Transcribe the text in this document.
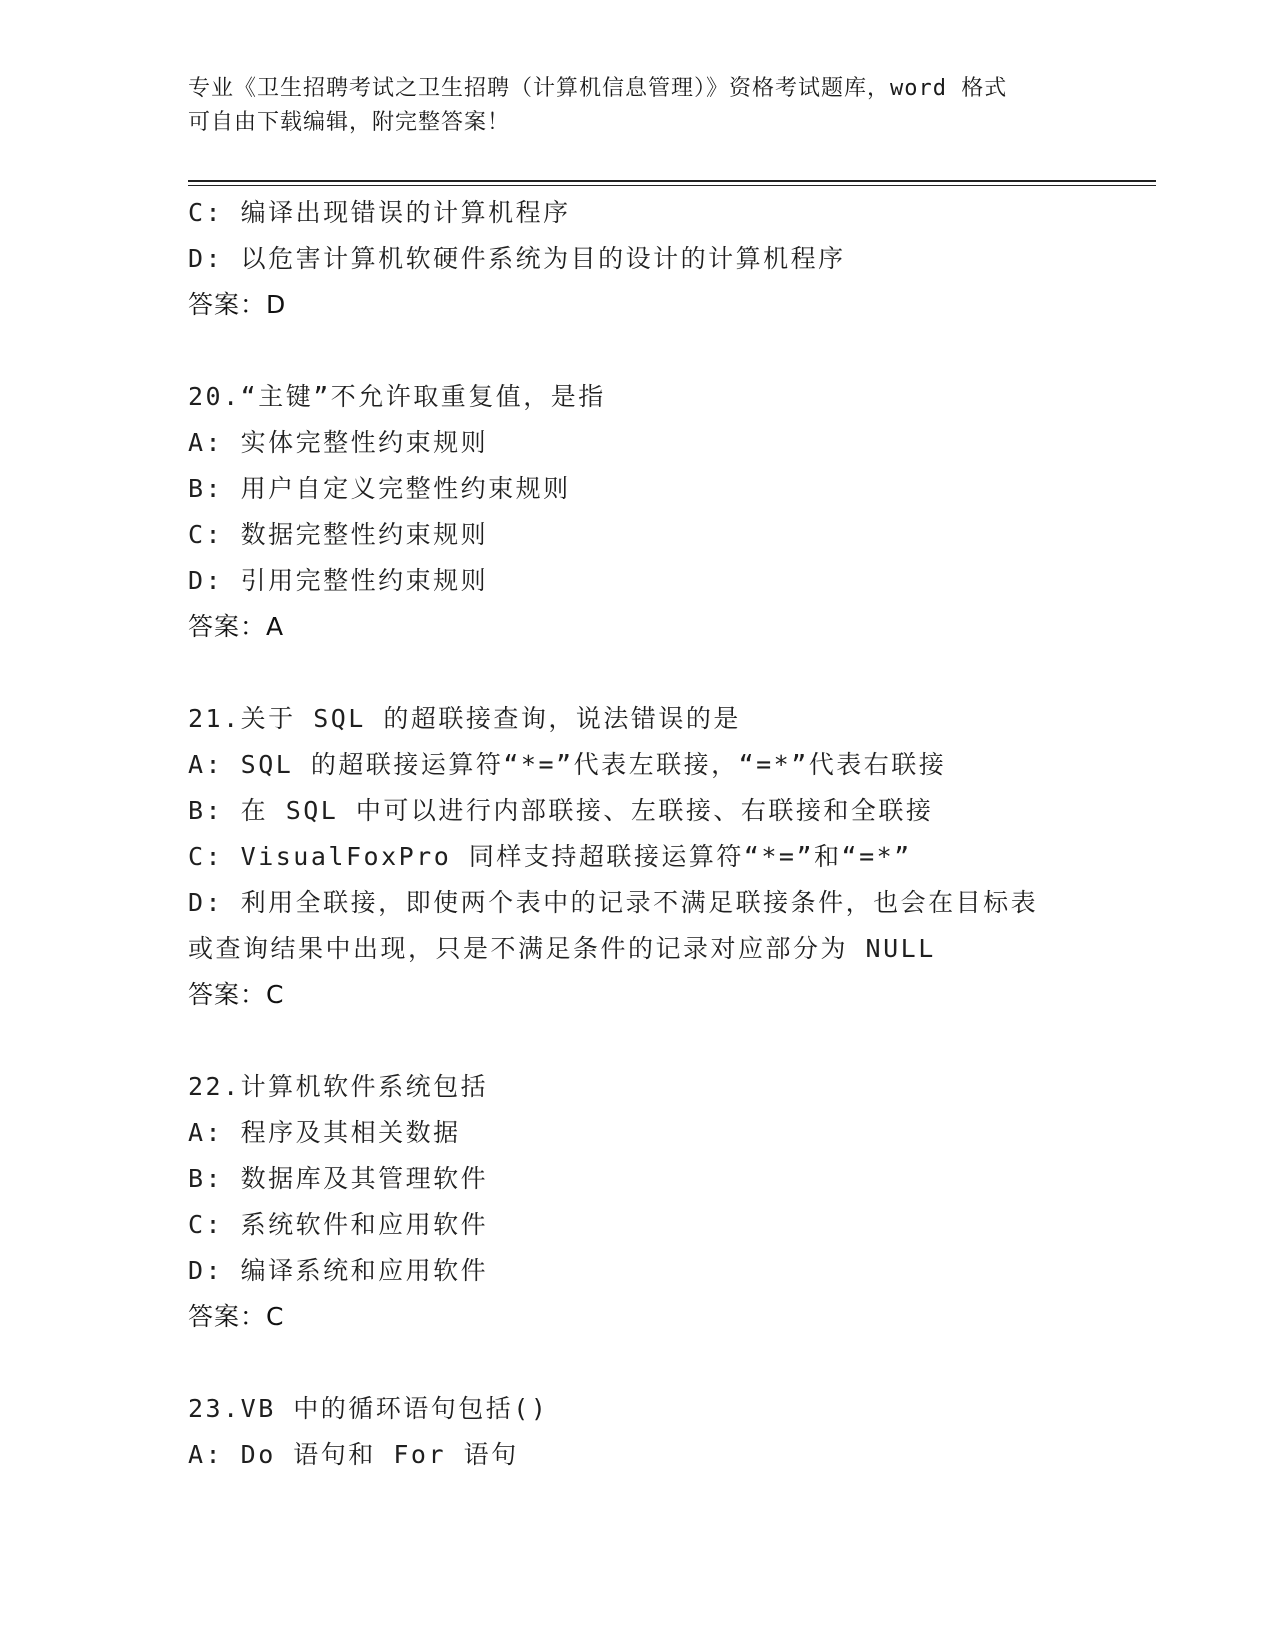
专业《卫生招聘考试之卫生招聘（计算机信息管理）》资格考试题库，word 格式
可自由下载编辑，附完整答案！
C: 编译出现错误的计算机程序
D: 以危害计算机软硬件系统为目的设计的计算机程序
答案：D
20.“主键”不允许取重复值，是指
A: 实体完整性约束规则
B: 用户自定义完整性约束规则
C: 数据完整性约束规则
D: 引用完整性约束规则
答案：A
21.关于 SQL 的超联接查询，说法错误的是
A: SQL 的超联接运算符“*=”代表左联接，“=*”代表右联接
B: 在 SQL 中可以进行内部联接、左联接、右联接和全联接
C: VisualFoxPro 同样支持超联接运算符“*=”和“=*”
D: 利用全联接，即使两个表中的记录不满足联接条件，也会在目标表
或查询结果中出现，只是不满足条件的记录对应部分为 NULL
答案：C
22.计算机软件系统包括
A: 程序及其相关数据
B: 数据库及其管理软件
C: 系统软件和应用软件
D: 编译系统和应用软件
答案：C
23.VB 中的循环语句包括()
A: Do 语句和 For 语句
